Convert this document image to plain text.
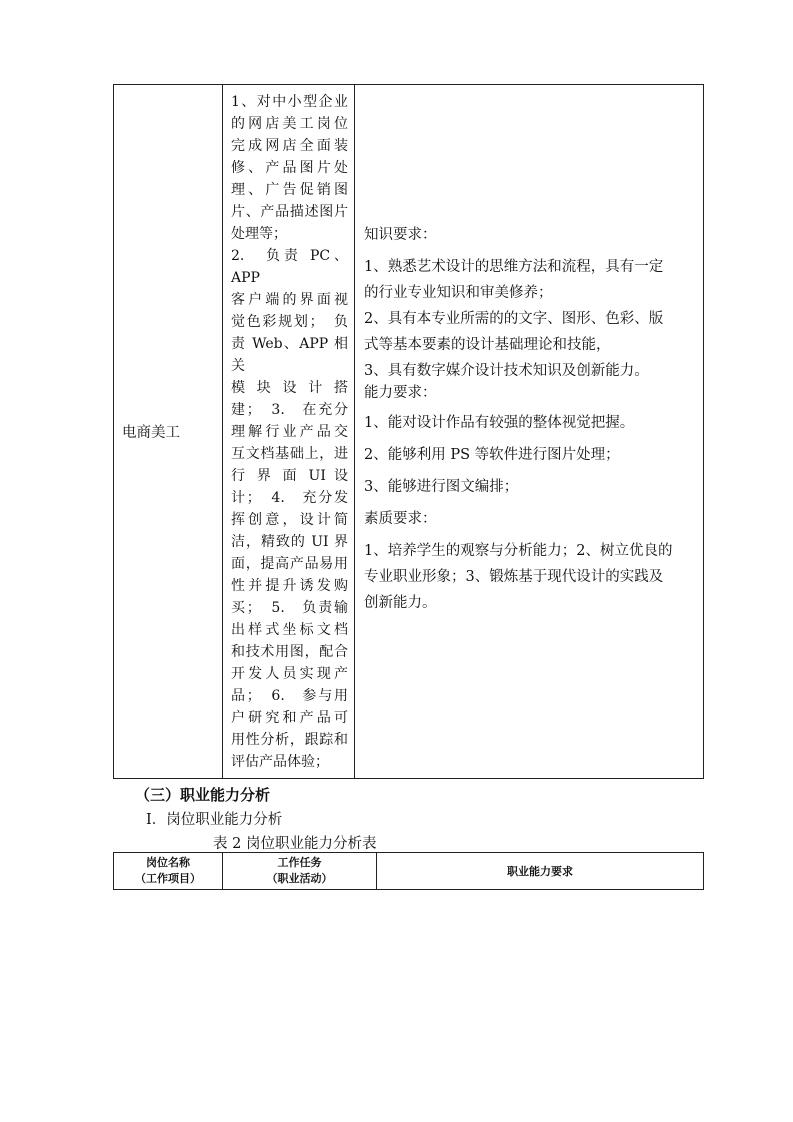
电商美工

1、对中小型企业

的网店美工岗位

完成网店全面装

修、产品图片处

理、广告促销图

片、产品描述图片

处理等；

2.　负责 PC、APP

客户端的界面视

觉色彩规划；　负

责 Web、APP 相关

模 块 设 计 搭

建；　3.　在充分

理解行业产品交

互文档基础上，进

行 界 面 UI 设

计；　4.　充分发

挥创意，设计简

洁，精致的 UI 界

面，提高产品易用

性并提升诱发购

买；　5.　负责输

出样式坐标文档

和技术用图，配合

开发人员实现产

品；　6.　参与用

户研究和产品可

用性分析，跟踪和

评估产品体验；

知识要求：

1、熟悉艺术设计的思维方法和流程，具有一定

的行业专业知识和审美修养；

2、具有本专业所需的的文字、图形、色彩、版

式等基本要素的设计基础理论和技能，

3、具有数字媒介设计技术知识及创新能力。

能力要求：

1、能对设计作品有较强的整体视觉把握。

2、能够利用 PS 等软件进行图片处理；

3、能够进行图文编排；

素质要求：

1、培养学生的观察与分析能力；2、树立优良的

专业职业形象；3、锻炼基于现代设计的实践及

创新能力。

（三）职业能力分析
I．岗位职业能力分析
表 2 岗位职业能力分析表
岗位名称
（工作项目）
工作任务
（职业活动）
职业能力要求
